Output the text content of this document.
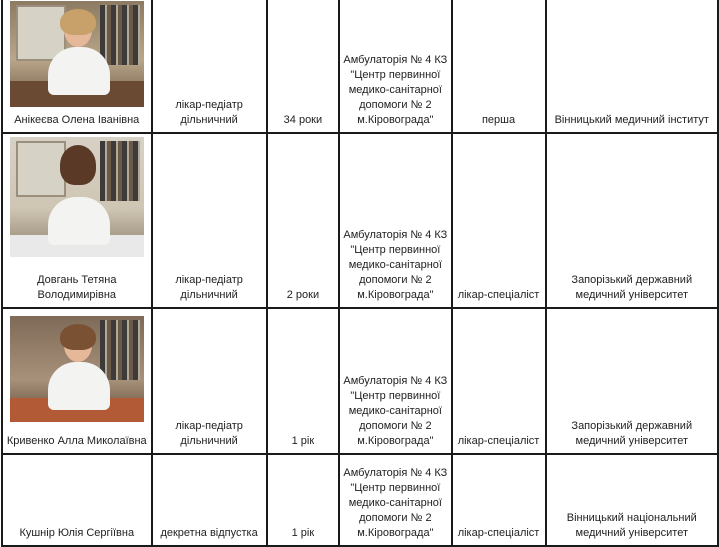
Анікеєва Олена Іванівна	лікар-педіатр дільничний	34 роки	Амбулаторія № 4 КЗ "Центр первинної медико-санітарної допомоги № 2 м.Кіровограда"	перша	Вінницький медичний інститут

Довгань Тетяна Володимирівна	лікар-педіатр дільничний	2 роки	Амбулаторія № 4 КЗ "Центр первинної медико-санітарної допомоги № 2 м.Кіровограда"	лікар-спеціаліст	Запорізький державний медичний університет

Кривенко Алла Миколаївна	лікар-педіатр дільничний	1 рік	Амбулаторія № 4 КЗ "Центр первинної медико-санітарної допомоги № 2 м.Кіровограда"	лікар-спеціаліст	Запорізький державний медичний університет
Кушнір Юлія Сергіївна	декретна відпустка	1 рік	Амбулаторія № 4 КЗ "Центр первинної медико-санітарної допомоги № 2 м.Кіровограда"	лікар-спеціаліст	Вінницький національний медичний університет
